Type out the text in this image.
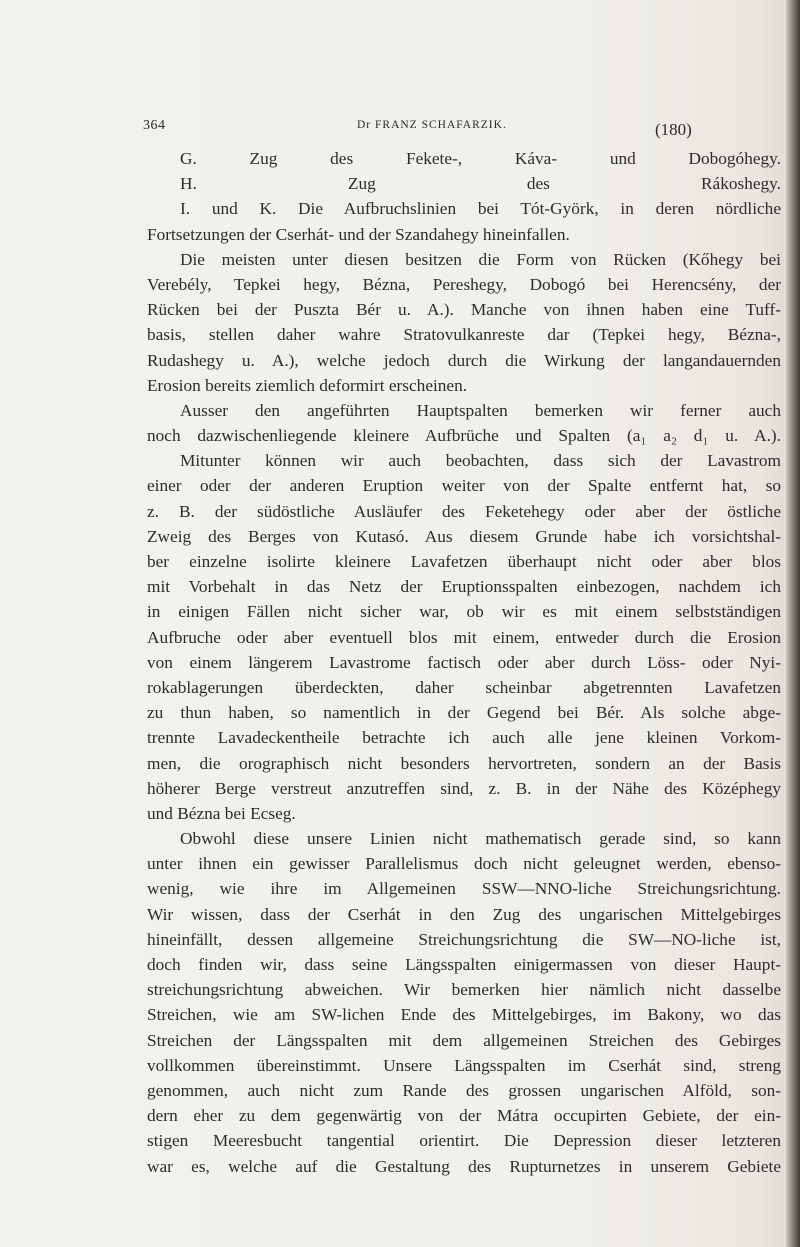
364	Dr FRANZ SCHAFARZIK.	(180)
G. Zug des Fekete-, Káva- und Dobogóhegy.
H. Zug des Rákoshegy.
I. und K. Die Aufbruchslinien bei Tót-Györk, in deren nördliche
Fortsetzungen der Cserhát- und der Szandahegy hineinfallen.
Die meisten unter diesen besitzen die Form von Rücken (Kőhegy bei
Verebély, Tepkei hegy, Bézna, Pereshegy, Dobogó bei Herencsény, der
Rücken bei der Puszta Bér u. A.). Manche von ihnen haben eine Tuff-
basis, stellen daher wahre Stratovulkanreste dar (Tepkei hegy, Bézna-,
Rudashegy u. A.), welche jedoch durch die Wirkung der langandauernden
Erosion bereits ziemlich deformirt erscheinen.
Ausser den angeführten Hauptspalten bemerken wir ferner auch
noch dazwischenliegende kleinere Aufbrüche und Spalten (a₁ a₂ d₁ u. A.).
Mitunter können wir auch beobachten, dass sich der Lavastrom
einer oder der anderen Eruption weiter von der Spalte entfernt hat, so
z. B. der südöstliche Ausläufer des Feketehegy oder aber der östliche
Zweig des Berges von Kutasó. Aus diesem Grunde habe ich vorsichtshal-
ber einzelne isolirte kleinere Lavafetzen überhaupt nicht oder aber blos
mit Vorbehalt in das Netz der Eruptionsspalten einbezogen, nachdem ich
in einigen Fällen nicht sicher war, ob wir es mit einem selbstständigen
Aufbruche oder aber eventuell blos mit einem, entweder durch die Erosion
von einem längerem Lavastrome factisch oder aber durch Löss- oder Nyi-
rokablagerungen überdeckten, daher scheinbar abgetrennten Lavafetzen
zu thun haben, so namentlich in der Gegend bei Bér. Als solche abge-
trennte Lavadeckentheile betrachte ich auch alle jene kleinen Vorkom-
men, die orographisch nicht besonders hervortreten, sondern an der Basis
höherer Berge verstreut anzutreffen sind, z. B. in der Nähe des Középhegy
und Bézna bei Ecseg.
Obwohl diese unsere Linien nicht mathematisch gerade sind, so kann
unter ihnen ein gewisser Parallelismus doch nicht geleugnet werden, ebenso-
wenig, wie ihre im Allgemeinen SSW—NNO-liche Streichungsrichtung.
Wir wissen, dass der Cserhát in den Zug des ungarischen Mittelgebirges
hineinfällt, dessen allgemeine Streichungsrichtung die SW—NO-liche ist,
doch finden wir, dass seine Längsspalten einigermassen von dieser Haupt-
streichungsrichtung abweichen. Wir bemerken hier nämlich nicht dasselbe
Streichen, wie am SW-lichen Ende des Mittelgebirges, im Bakony, wo das
Streichen der Längsspalten mit dem allgemeinen Streichen des Gebirges
vollkommen übereinstimmt. Unsere Längsspalten im Cserhát sind, streng
genommen, auch nicht zum Rande des grossen ungarischen Alföld, son-
dern eher zu dem gegenwärtig von der Mátra occupirten Gebiete, der ein-
stigen Meeresbucht tangential orientirt. Die Depression dieser letzteren
war es, welche auf die Gestaltung des Rupturnetzes in unserem Gebiete
